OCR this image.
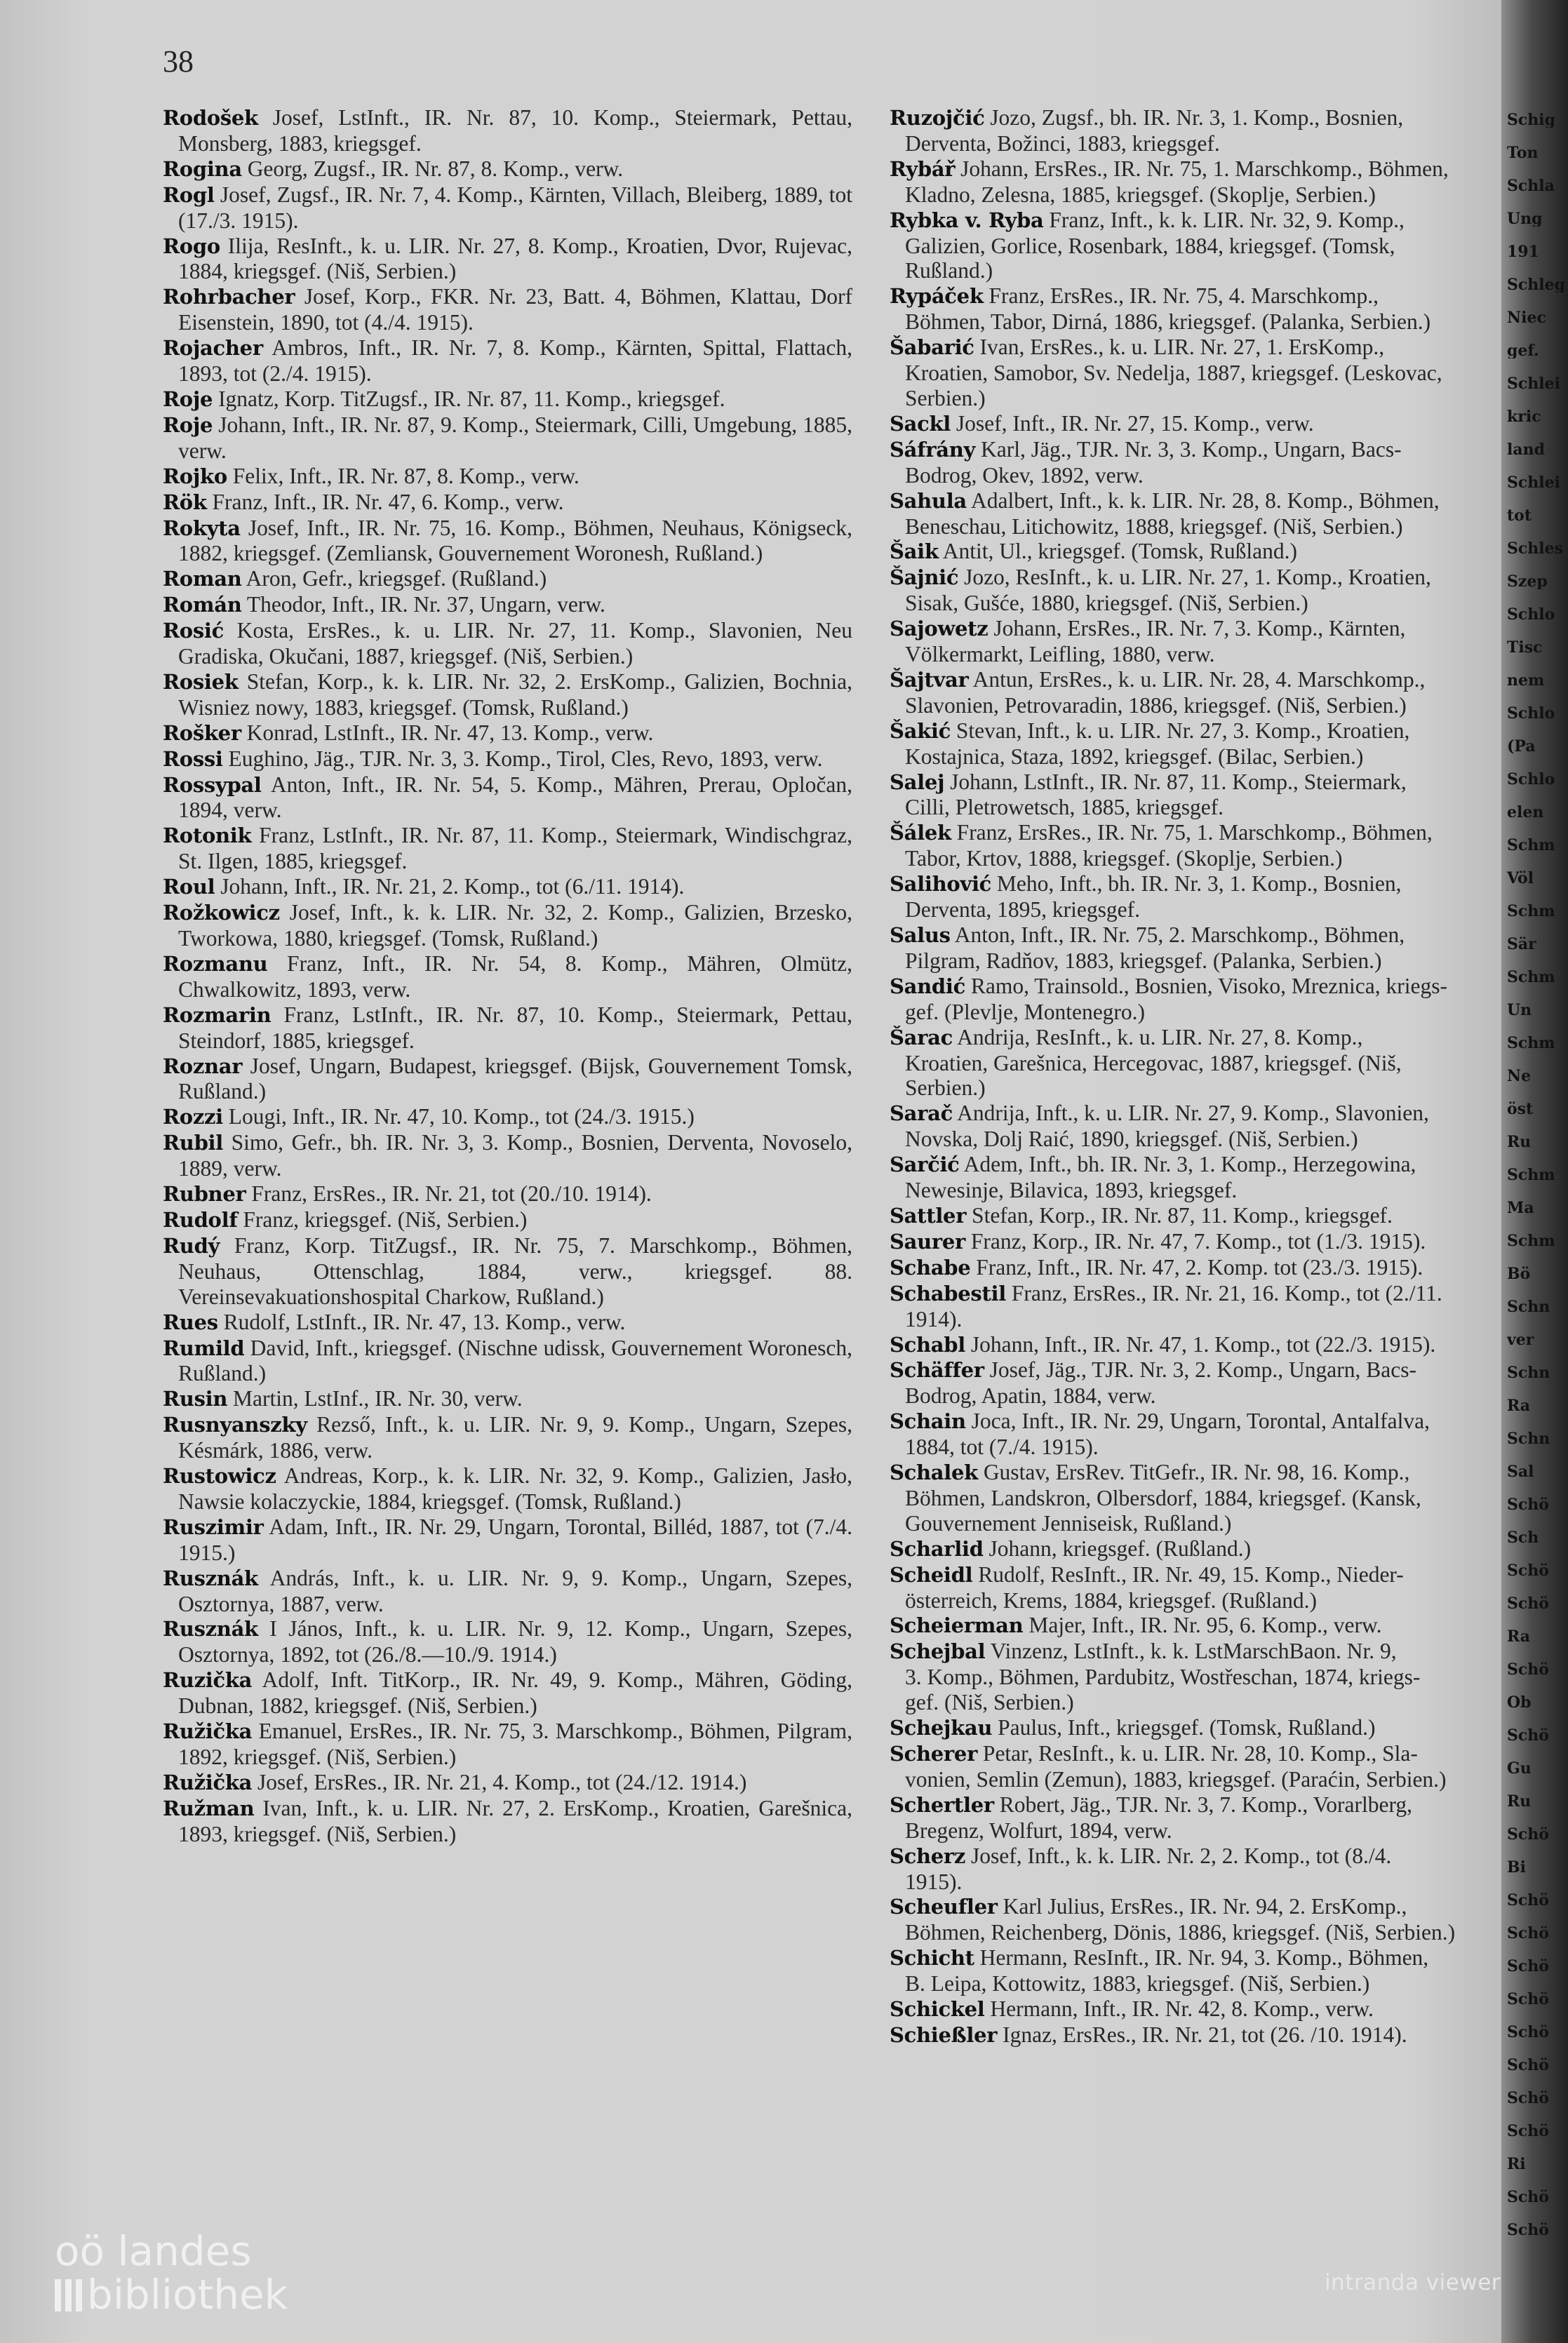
38
Rodošek Josef, LstInft., IR. Nr. 87, 10. Komp., Steiermark, Pettau, Monsberg, 1883, kriegsgef.
Rogina Georg, Zugsf., IR. Nr. 87, 8. Komp., verw.
Rogl Josef, Zugsf., IR. Nr. 7, 4. Komp., Kärnten, Villach, Bleiberg, 1889, tot (17./3. 1915).
Rogo Ilija, ResInft., k. u. LIR. Nr. 27, 8. Komp., Kroatien, Dvor, Rujevac, 1884, kriegsgef. (Niš, Serbien.)
Rohrbacher Josef, Korp., FKR. Nr. 23, Batt. 4, Böhmen, Klattau, Dorf Eisenstein, 1890, tot (4./4. 1915).
Rojacher Ambros, Inft., IR. Nr. 7, 8. Komp., Kärnten, Spittal, Flattach, 1893, tot (2./4. 1915).
Roje Ignatz, Korp. TitZugsf., IR. Nr. 87, 11. Komp., kriegsgef.
Roje Johann, Inft., IR. Nr. 87, 9. Komp., Steiermark, Cilli, Umgebung, 1885, verw.
Rojko Felix, Inft., IR. Nr. 87, 8. Komp., verw.
Rök Franz, Inft., IR. Nr. 47, 6. Komp., verw.
Rokyta Josef, Inft., IR. Nr. 75, 16. Komp., Böhmen, Neuhaus, Königseck, 1882, kriegsgef. (Zemliansk, Gouvernement Woronesh, Rußland.)
Roman Aron, Gefr., kriegsgef. (Rußland.)
Román Theodor, Inft., IR. Nr. 37, Ungarn, verw.
Rosić Kosta, ErsRes., k. u. LIR. Nr. 27, 11. Komp., Slavonien, Neu Gradiska, Okučani, 1887, kriegsgef. (Niš, Serbien.)
Rosiek Stefan, Korp., k. k. LIR. Nr. 32, 2. ErsKomp., Galizien, Bochnia, Wisniez nowy, 1883, kriegsgef. (Tomsk, Rußland.)
Rošker Konrad, LstInft., IR. Nr. 47, 13. Komp., verw.
Rossi Eughino, Jäg., TJR. Nr. 3, 3. Komp., Tirol, Cles, Revo, 1893, verw.
Rossypal Anton, Inft., IR. Nr. 54, 5. Komp., Mähren, Prerau, Opločan, 1894, verw.
Rotonik Franz, LstInft., IR. Nr. 87, 11. Komp., Steiermark, Windischgraz, St. Ilgen, 1885, kriegsgef.
Roul Johann, Inft., IR. Nr. 21, 2. Komp., tot (6./11. 1914).
Rožkowicz Josef, Inft., k. k. LIR. Nr. 32, 2. Komp., Galizien, Brzesko, Tworkowa, 1880, kriegsgef. (Tomsk, Rußland.)
Rozmanu Franz, Inft., IR. Nr. 54, 8. Komp., Mähren, Olmütz, Chwalkowitz, 1893, verw.
Rozmarin Franz, LstInft., IR. Nr. 87, 10. Komp., Steiermark, Pettau, Steindorf, 1885, kriegsgef.
Roznar Josef, Ungarn, Budapest, kriegsgef. (Bijsk, Gouvernement Tomsk, Rußland.)
Rozzi Lougi, Inft., IR. Nr. 47, 10. Komp., tot (24./3. 1915.)
Rubil Simo, Gefr., bh. IR. Nr. 3, 3. Komp., Bosnien, Derventa, Novoselo, 1889, verw.
Rubner Franz, ErsRes., IR. Nr. 21, tot (20./10. 1914).
Rudolf Franz, kriegsgef. (Niš, Serbien.)
Rudý Franz, Korp. TitZugsf., IR. Nr. 75, 7. Marschkomp., Böhmen, Neuhaus, Ottenschlag, 1884, verw., kriegsgef. 88. Vereinsevakuationshospital Charkow, Rußland.)
Rues Rudolf, LstInft., IR. Nr. 47, 13. Komp., verw.
Rumild David, Inft., kriegsgef. (Nischne udissk, Gouvernement Woronesch, Rußland.)
Rusin Martin, LstInf., IR. Nr. 30, verw.
Rusnyanszky Rezső, Inft., k. u. LIR. Nr. 9, 9. Komp., Ungarn, Szepes, Késmárk, 1886, verw.
Rustowicz Andreas, Korp., k. k. LIR. Nr. 32, 9. Komp., Galizien, Jasło, Nawsie kolaczyckie, 1884, kriegsgef. (Tomsk, Rußland.)
Ruszimir Adam, Inft., IR. Nr. 29, Ungarn, Torontal, Billéd, 1887, tot (7./4. 1915.)
Rusznák András, Inft., k. u. LIR. Nr. 9, 9. Komp., Ungarn, Szepes, Osztornya, 1887, verw.
Rusznák I János, Inft., k. u. LIR. Nr. 9, 12. Komp., Ungarn, Szepes, Osztornya, 1892, tot (26./8.—10./9. 1914.)
Ruzička Adolf, Inft. TitKorp., IR. Nr. 49, 9. Komp., Mähren, Göding, Dubnan, 1882, kriegsgef. (Niš, Serbien.)
Ružička Emanuel, ErsRes., IR. Nr. 75, 3. Marschkomp., Böhmen, Pilgram, 1892, kriegsgef. (Niš, Serbien.)
Ružička Josef, ErsRes., IR. Nr. 21, 4. Komp., tot (24./12. 1914.)
Ružman Ivan, Inft., k. u. LIR. Nr. 27, 2. ErsKomp., Kroatien, Garešnica, 1893, kriegsgef. (Niš, Serbien.)
Ruzojčić Jozo, Zugsf., bh. IR. Nr. 3, 1. Komp., Bosnien,
Derventa, Božinci, 1883, kriegsgef.
Rybář Johann, ErsRes., IR. Nr. 75, 1. Marschkomp., Böhmen,
Kladno, Zelesna, 1885, kriegsgef. (Skoplje, Serbien.)
Rybka v. Ryba Franz, Inft., k. k. LIR. Nr. 32, 9. Komp.,
Galizien, Gorlice, Rosenbark, 1884, kriegsgef. (Tomsk,
Rußland.)
Rypáček Franz, ErsRes., IR. Nr. 75, 4. Marschkomp.,
Böhmen, Tabor, Dirná, 1886, kriegsgef. (Palanka, Serbien.)
Šabarić Ivan, ErsRes., k. u. LIR. Nr. 27, 1. ErsKomp.,
Kroatien, Samobor, Sv. Nedelja, 1887, kriegsgef. (Leskovac,
Serbien.)
Sackl Josef, Inft., IR. Nr. 27, 15. Komp., verw.
Sáfrány Karl, Jäg., TJR. Nr. 3, 3. Komp., Ungarn, Bacs-
Bodrog, Okev, 1892, verw.
Sahula Adalbert, Inft., k. k. LIR. Nr. 28, 8. Komp., Böhmen,
Beneschau, Litichowitz, 1888, kriegsgef. (Niš, Serbien.)
Šaik Antit, Ul., kriegsgef. (Tomsk, Rußland.)
Šajnić Jozo, ResInft., k. u. LIR. Nr. 27, 1. Komp., Kroatien,
Sisak, Gušće, 1880, kriegsgef. (Niš, Serbien.)
Sajowetz Johann, ErsRes., IR. Nr. 7, 3. Komp., Kärnten,
Völkermarkt, Leifling, 1880, verw.
Šajtvar Antun, ErsRes., k. u. LIR. Nr. 28, 4. Marschkomp.,
Slavonien, Petrovaradin, 1886, kriegsgef. (Niš, Serbien.)
Šakić Stevan, Inft., k. u. LIR. Nr. 27, 3. Komp., Kroatien,
Kostajnica, Staza, 1892, kriegsgef. (Bilac, Serbien.)
Salej Johann, LstInft., IR. Nr. 87, 11. Komp., Steiermark,
Cilli, Pletrowetsch, 1885, kriegsgef.
Šálek Franz, ErsRes., IR. Nr. 75, 1. Marschkomp., Böhmen,
Tabor, Krtov, 1888, kriegsgef. (Skoplje, Serbien.)
Salihović Meho, Inft., bh. IR. Nr. 3, 1. Komp., Bosnien,
Derventa, 1895, kriegsgef.
Salus Anton, Inft., IR. Nr. 75, 2. Marschkomp., Böhmen,
Pilgram, Radňov, 1883, kriegsgef. (Palanka, Serbien.)
Sandić Ramo, Trainsold., Bosnien, Visoko, Mreznica, kriegs-
gef. (Plevlje, Montenegro.)
Šarac Andrija, ResInft., k. u. LIR. Nr. 27, 8. Komp.,
Kroatien, Garešnica, Hercegovac, 1887, kriegsgef. (Niš,
Serbien.)
Sarač Andrija, Inft., k. u. LIR. Nr. 27, 9. Komp., Slavonien,
Novska, Dolj Raić, 1890, kriegsgef. (Niš, Serbien.)
Sarčić Adem, Inft., bh. IR. Nr. 3, 1. Komp., Herzegowina,
Newesinje, Bilavica, 1893, kriegsgef.
Sattler Stefan, Korp., IR. Nr. 87, 11. Komp., kriegsgef.
Saurer Franz, Korp., IR. Nr. 47, 7. Komp., tot (1./3. 1915).
Schabe Franz, Inft., IR. Nr. 47, 2. Komp. tot (23./3. 1915).
Schabestil Franz, ErsRes., IR. Nr. 21, 16. Komp., tot (2./11.
1914).
Schabl Johann, Inft., IR. Nr. 47, 1. Komp., tot (22./3. 1915).
Schäffer Josef, Jäg., TJR. Nr. 3, 2. Komp., Ungarn, Bacs-
Bodrog, Apatin, 1884, verw.
Schain Joca, Inft., IR. Nr. 29, Ungarn, Torontal, Antalfalva,
1884, tot (7./4. 1915).
Schalek Gustav, ErsRev. TitGefr., IR. Nr. 98, 16. Komp.,
Böhmen, Landskron, Olbersdorf, 1884, kriegsgef. (Kansk,
Gouvernement Jenniseisk, Rußland.)
Scharlid Johann, kriegsgef. (Rußland.)
Scheidl Rudolf, ResInft., IR. Nr. 49, 15. Komp., Nieder-
österreich, Krems, 1884, kriegsgef. (Rußland.)
Scheierman Majer, Inft., IR. Nr. 95, 6. Komp., verw.
Schejbal Vinzenz, LstInft., k. k. LstMarschBaon. Nr. 9,
3. Komp., Böhmen, Pardubitz, Wostřeschan, 1874, kriegs-
gef. (Niš, Serbien.)
Schejkau Paulus, Inft., kriegsgef. (Tomsk, Rußland.)
Scherer Petar, ResInft., k. u. LIR. Nr. 28, 10. Komp., Sla-
vonien, Semlin (Zemun), 1883, kriegsgef. (Paraćin, Serbien.)
Schertler Robert, Jäg., TJR. Nr. 3, 7. Komp., Vorarlberg,
Bregenz, Wolfurt, 1894, verw.
Scherz Josef, Inft., k. k. LIR. Nr. 2, 2. Komp., tot (8./4.
1915).
Scheufler Karl Julius, ErsRes., IR. Nr. 94, 2. ErsKomp.,
Böhmen, Reichenberg, Dönis, 1886, kriegsgef. (Niš, Serbien.)
Schicht Hermann, ResInft., IR. Nr. 94, 3. Komp., Böhmen,
B. Leipa, Kottowitz, 1883, kriegsgef. (Niš, Serbien.)
Schickel Hermann, Inft., IR. Nr. 42, 8. Komp., verw.
Schießler Ignaz, ErsRes., IR. Nr. 21, tot (26. /10. 1914).
Schig
Ton
Schla
Ung
191
Schleg
Niec
gef.
Schlei
kric
land
Schlei
tot
Schles
Szep
Schlo
Tisc
nem
Schlo
(Pa
Schlo
elen
Schm
Völ
Schm
Sär
Schm
Un
Schm
Ne
öst
Ru
Schm
Ma
Schm
Bö
Schn
ver
Schn
Ra
Schn
Sal
Schö
Sch
Schö
Schö
Ra
Schö
Ob
Schö
Gu
Ru
Schö
Bi
Schö
Schö
Schö
Schö
Schö
Schö
Schö
Schö
Ri
Schö
Schö
oö landes
bibliothek	intranda viewer
